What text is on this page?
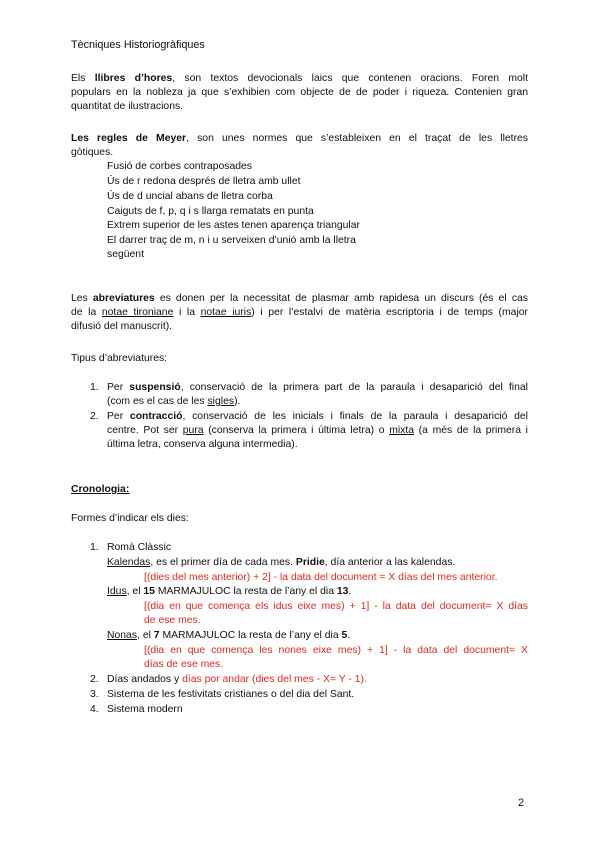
Tècniques Historiogràfiques
Els llibres d’hores, son textos devocionals laics que contenen oracions. Foren molt
populars en la nobleza ja que s’exhibien com objecte de de poder i riqueza. Contenien gran
quantitat de ilustracions.
Les regles de Meyer, son unes normes que s’estableixen en el traçat de les lletres
gòtiques.
Fusió de corbes contraposades
Ús de r redona després de lletra amb ullet
Ús de d uncial abans de lletra corba
Caiguts de f, p, q i s llarga rematats en punta
Extrem superior de les astes tenen aparença triangular
El darrer traç de m, n i u serveixen d’unió amb la lletra
següent
Les abreviatures es donen per la necessitat de plasmar amb rapidesa un discurs (és el cas
de la notae tironiane i la notae iuris) i per l’estalvi de matèria escriptoria i de temps (major
difusió del manuscrit).
Tipus d’abreviatures:
1. Per suspensió, conservació de la primera part de la paraula i desaparició del final
(com es el cas de les sigles).
2. Per contracció, conservació de les inicials i finals de la paraula i desaparició del
centre. Pot ser pura (conserva la primera i última letra) o mixta (a més de la primera i
última letra, conserva alguna intermedia).
Cronologia:
Formes d’indicar els dies:
1. Romà Clàssic
Kalendas, es el primer día de cada mes. Pridie, día anterior a las kalendas.
[(dies del mes anterior) + 2] - la data del document = X días del mes anterior.
Idus, el 15 MARMAJULOC la resta de l’any el dia 13.
[(dia en que comença els idus eixe mes) + 1] - la data del document= X días
de ese mes.
Nonas, el 7 MARMAJULOC la resta de l’any el dia 5.
[(dia en que comença les nones eixe mes) + 1] - la data del document= X
días de ese mes.
2. Días andados y días por andar (dies del mes - X= Y - 1).
3. Sistema de les festivitats cristianes o del dia del Sant.
4. Sistema modern
2
